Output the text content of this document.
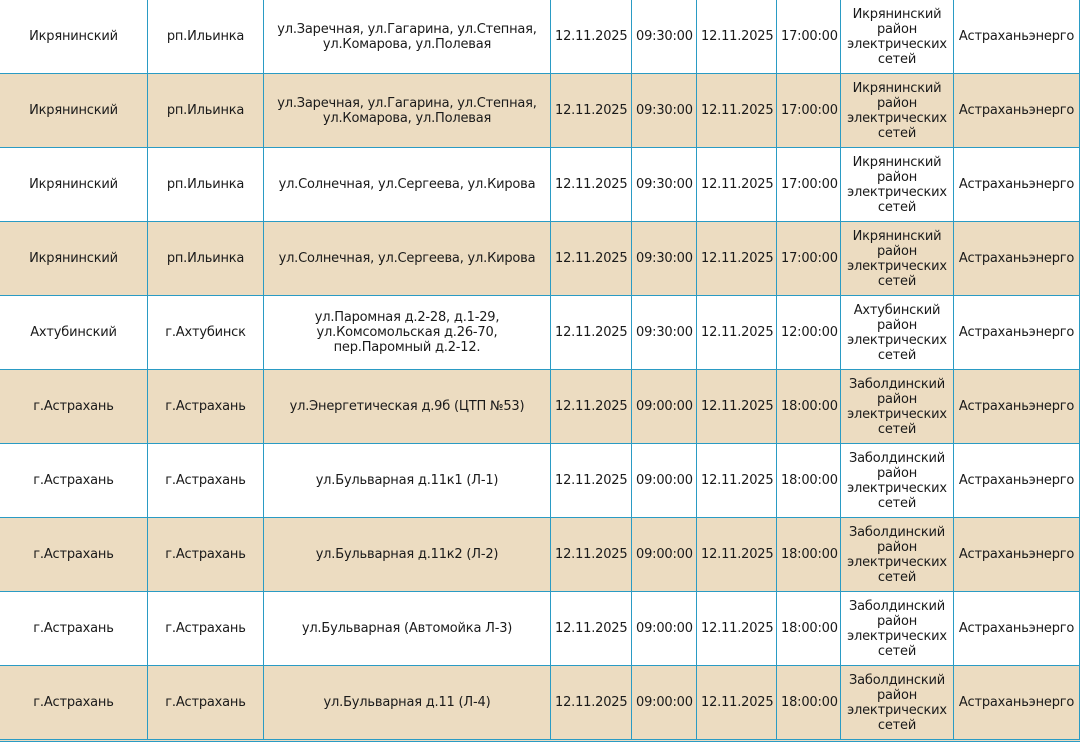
Икрянинский	рп.Ильинка	ул.Заречная, ул.Гагарина, ул.Степная, ул.Комарова, ул.Полевая	12.11.2025	09:30:00	12.11.2025	17:00:00	Икрянинский район электрических сетей	Астраханьэнерго
Икрянинский	рп.Ильинка	ул.Заречная, ул.Гагарина, ул.Степная, ул.Комарова, ул.Полевая	12.11.2025	09:30:00	12.11.2025	17:00:00	Икрянинский район электрических сетей	Астраханьэнерго
Икрянинский	рп.Ильинка	ул.Солнечная, ул.Сергеева, ул.Кирова	12.11.2025	09:30:00	12.11.2025	17:00:00	Икрянинский район электрических сетей	Астраханьэнерго
Икрянинский	рп.Ильинка	ул.Солнечная, ул.Сергеева, ул.Кирова	12.11.2025	09:30:00	12.11.2025	17:00:00	Икрянинский район электрических сетей	Астраханьэнерго
Ахтубинский	г.Ахтубинск	ул.Паромная д.2-28, д.1-29, ул.Комсомольская д.26-70, пер.Паромный д.2-12.	12.11.2025	09:30:00	12.11.2025	12:00:00	Ахтубинский район электрических сетей	Астраханьэнерго
г.Астрахань	г.Астрахань	ул.Энергетическая д.9б (ЦТП №53)	12.11.2025	09:00:00	12.11.2025	18:00:00	Заболдинский район электрических сетей	Астраханьэнерго
г.Астрахань	г.Астрахань	ул.Бульварная д.11к1 (Л-1)	12.11.2025	09:00:00	12.11.2025	18:00:00	Заболдинский район электрических сетей	Астраханьэнерго
г.Астрахань	г.Астрахань	ул.Бульварная д.11к2 (Л-2)	12.11.2025	09:00:00	12.11.2025	18:00:00	Заболдинский район электрических сетей	Астраханьэнерго
г.Астрахань	г.Астрахань	ул.Бульварная (Автомойка Л-3)	12.11.2025	09:00:00	12.11.2025	18:00:00	Заболдинский район электрических сетей	Астраханьэнерго
г.Астрахань	г.Астрахань	ул.Бульварная д.11 (Л-4)	12.11.2025	09:00:00	12.11.2025	18:00:00	Заболдинский район электрических сетей	Астраханьэнерго
